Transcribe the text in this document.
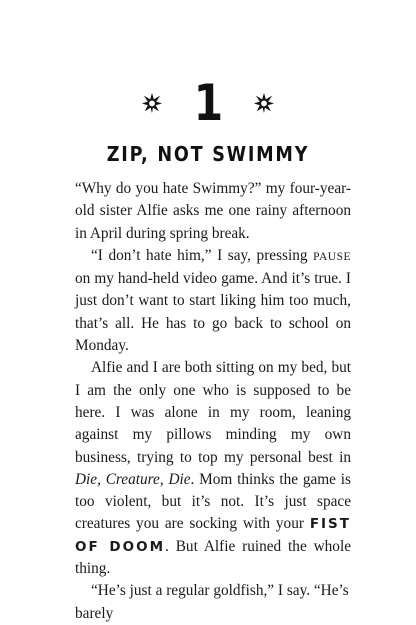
1
ZIP, NOT SWIMMY

“Why do you hate Swimmy?” my four-year-old sister Alfie asks me one rainy afternoon in April during spring break.

“I don’t hate him,” I say, pressing PAUSE on my hand-held video game. And it’s true. I just don’t want to start liking him too much, that’s all. He has to go back to school on Monday.

Alfie and I are both sitting on my bed, but I am the only one who is supposed to be here. I was alone in my room, leaning against my pillows minding my own business, trying to top my personal best in Die, Creature, Die. Mom thinks the game is too violent, but it’s not. It’s just space creatures you are socking with your FIST OF DOOM. But Alfie ruined the whole thing.

“He’s just a regular goldfish,” I say. “He’s barely
